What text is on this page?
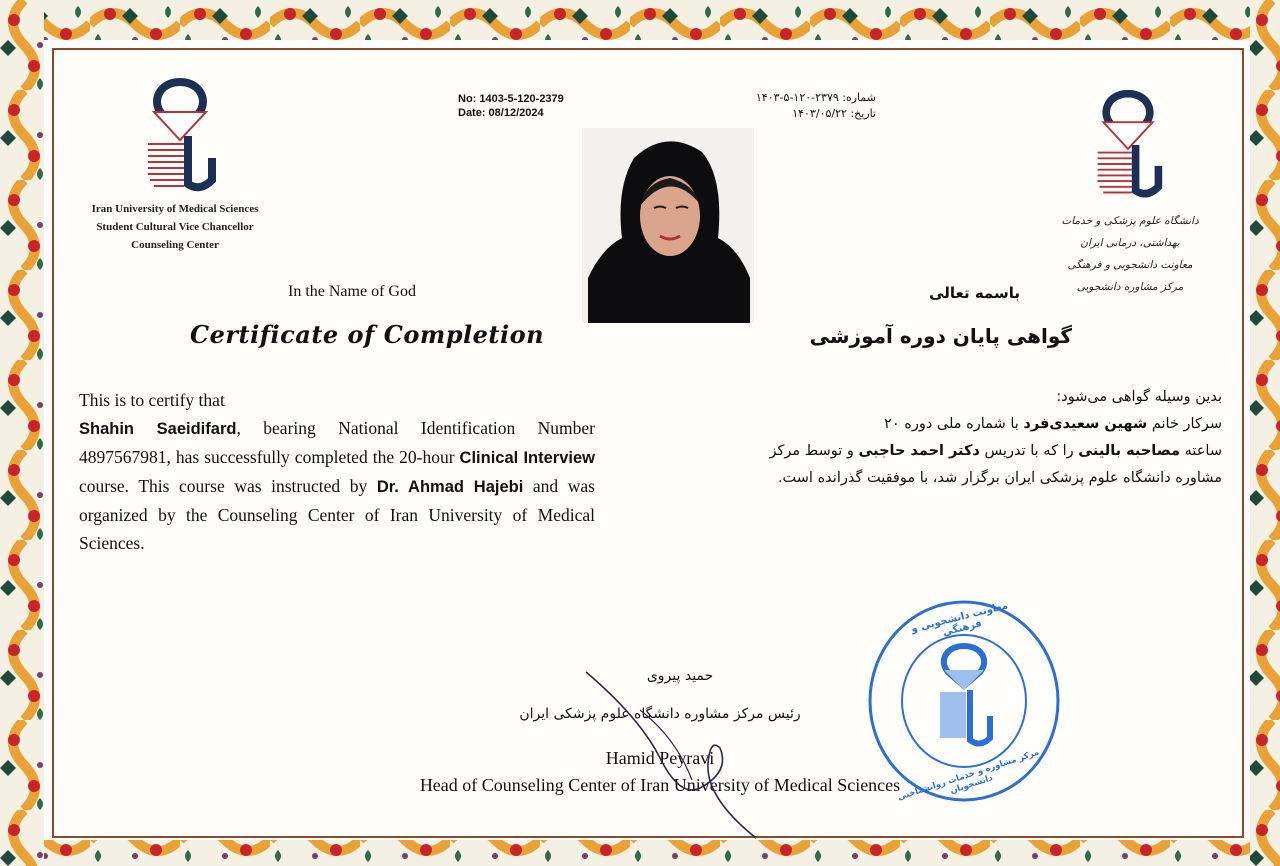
Iran University of Medical Sciences
Student Cultural Vice Chancellor
Counseling Center
دانشگاه علوم پزشکی و خدمات بهداشتی، درمانی ایران
معاونت دانشجویی و فرهنگی
مرکز مشاوره دانشجویی
No: 1403-5-120-2379
Date: 08/12/2024
شماره: ۲۳۷۹-۱۲۰-۵-۱۴۰۳
تاریخ: ۱۴۰۳/۰۵/۲۲
In the Name of God	باسمه تعالی
Certificate of Completion	گواهی پایان دوره آموزشی
This is to certify that
Shahin Saeidifard, bearing National Identification Number 4897567981, has successfully completed the 20-hour Clinical Interview course. This course was instructed by Dr. Ahmad Hajebi and was organized by the Counseling Center of Iran University of Medical Sciences.
بدین وسیله گواهی می‌شود:
سرکار خانم شهین سعیدی‌فرد با شماره ملی دوره ۲۰
ساعته مصاحبه بالینی را که با تدریس دکتر احمد حاجبی و توسط مرکز
مشاوره دانشگاه علوم پزشکی ایران برگزار شد، با موفقیت گذرانده است.
حمید پیروی
رئیس مرکز مشاوره دانشگاه علوم پزشکی ایران
Hamid Peyravi
Head of Counseling Center of Iran University of Medical Sciences
معاونت دانشجویی و فرهنگی
مرکز مشاوره و خدمات روانشناختی دانشجویان
